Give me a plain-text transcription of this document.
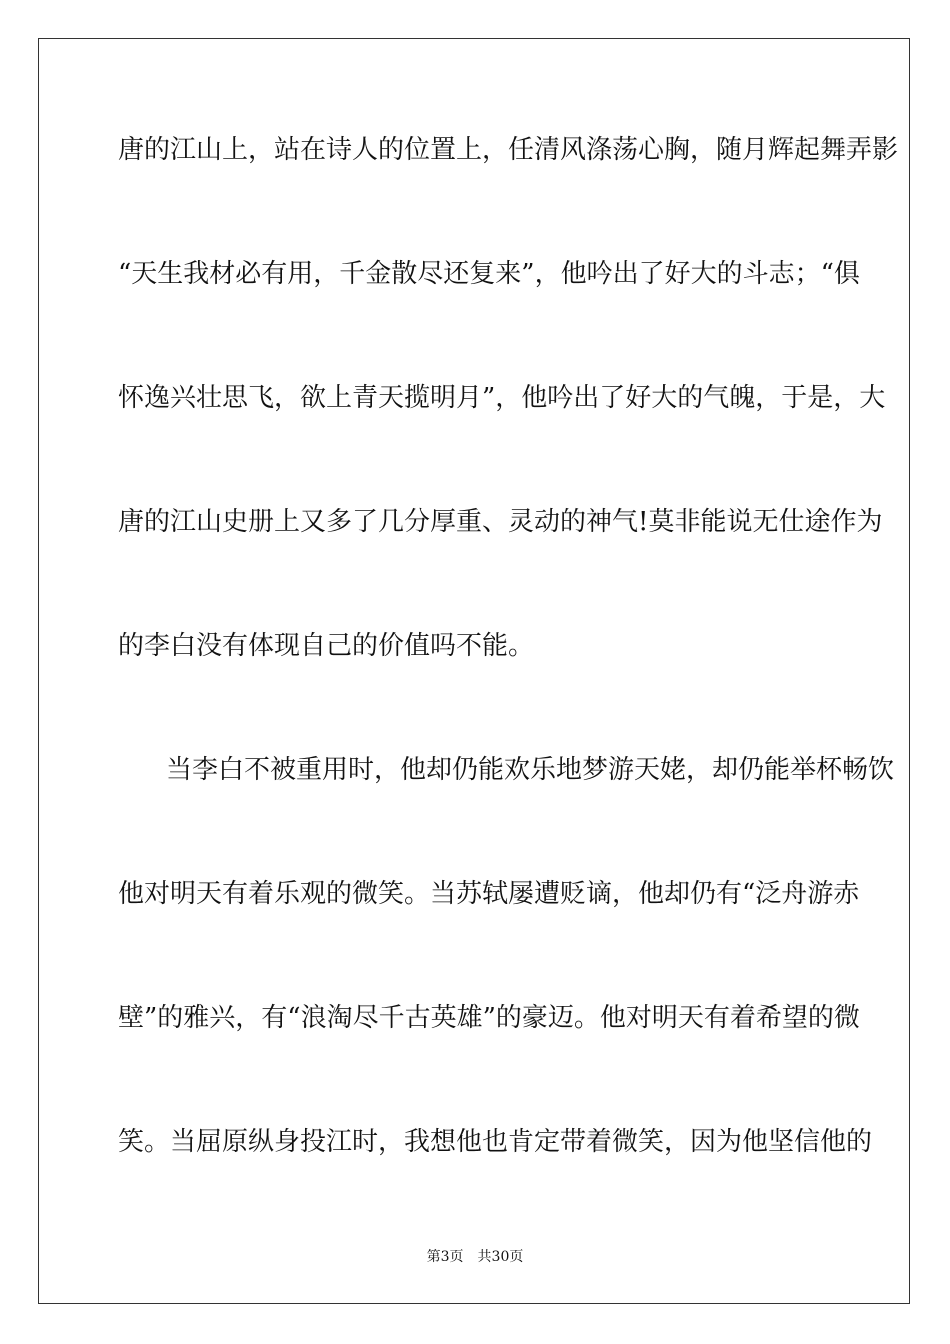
唐的江山上，站在诗人的位置上，任清风涤荡心胸，随月辉起舞弄影
“天生我材必有用，千金散尽还复来”，他吟出了好大的斗志；“俱
怀逸兴壮思飞，欲上青天揽明月”，他吟出了好大的气魄，于是，大
唐的江山史册上又多了几分厚重、灵动的神气!莫非能说无仕途作为
的李白没有体现自己的价值吗不能。
当李白不被重用时，他却仍能欢乐地梦游天姥，却仍能举杯畅饮
他对明天有着乐观的微笑。当苏轼屡遭贬谪，他却仍有“泛舟游赤
壁”的雅兴，有“浪淘尽千古英雄”的豪迈。他对明天有着希望的微
笑。当屈原纵身投江时，我想他也肯定带着微笑，因为他坚信他的
第3页 共30页
